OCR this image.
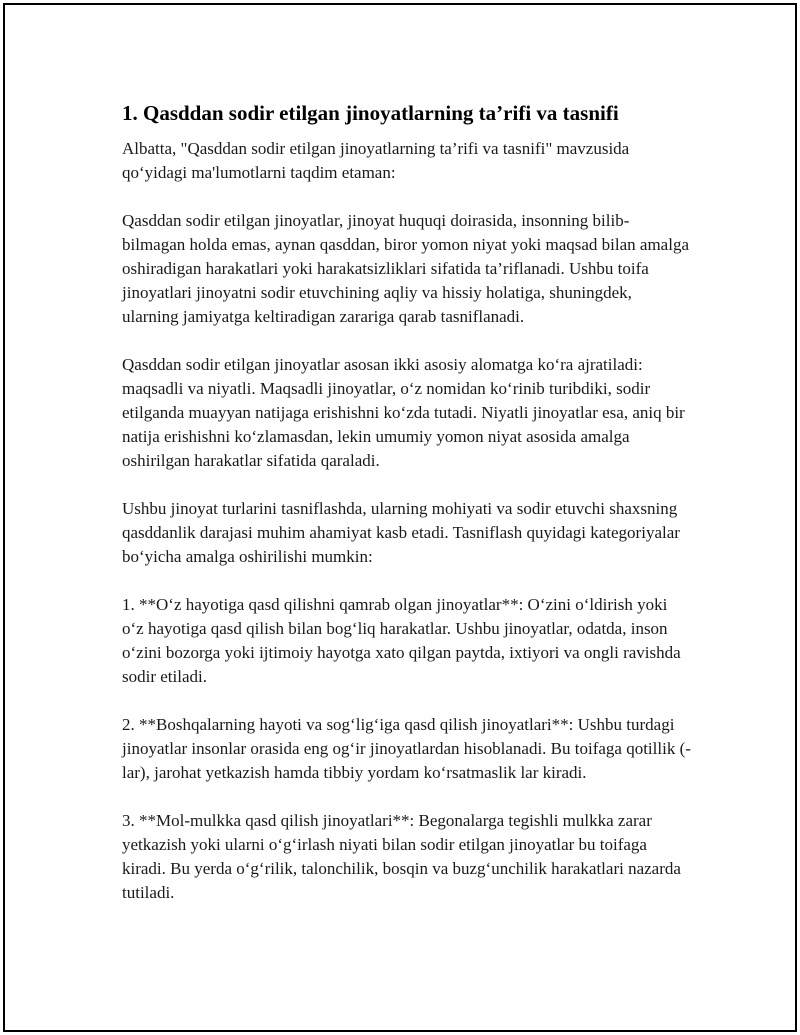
1. Qasddan sodir etilgan jinoyatlarning ta’rifi va tasnifi

Albatta, "Qasddan sodir etilgan jinoyatlarning ta’rifi va tasnifi" mavzusida qo‘yidagi ma'lumotlarni taqdim etaman:

Qasddan sodir etilgan jinoyatlar, jinoyat huquqi doirasida, insonning bilib-bilmagan holda emas, aynan qasddan, biror yomon niyat yoki maqsad bilan amalga oshiradigan harakatlari yoki harakatsizliklari sifatida ta’riflanadi. Ushbu toifa jinoyatlari jinoyatni sodir etuvchining aqliy va hissiy holatiga, shuningdek, ularning jamiyatga keltiradigan zarariga qarab tasniflanadi.

Qasddan sodir etilgan jinoyatlar asosan ikki asosiy alomatga ko‘ra ajratiladi: maqsadli va niyatli. Maqsadli jinoyatlar, o‘z nomidan ko‘rinib turibdiki, sodir etilganda muayyan natijaga erishishni ko‘zda tutadi. Niyatli jinoyatlar esa, aniq bir natija erishishni ko‘zlamasdan, lekin umumiy yomon niyat asosida amalga oshirilgan harakatlar sifatida qaraladi.

Ushbu jinoyat turlarini tasniflashda, ularning mohiyati va sodir etuvchi shaxsning qasddanlik darajasi muhim ahamiyat kasb etadi. Tasniflash quyidagi kategoriyalar bo‘yicha amalga oshirilishi mumkin:

1. **O‘z hayotiga qasd qilishni qamrab olgan jinoyatlar**: O‘zini o‘ldirish yoki o‘z hayotiga qasd qilish bilan bog‘liq harakatlar. Ushbu jinoyatlar, odatda, inson o‘zini bozorga yoki ijtimoiy hayotga xato qilgan paytda, ixtiyori va ongli ravishda sodir etiladi.

2. **Boshqalarning hayoti va sog‘lig‘iga qasd qilish jinoyatlari**: Ushbu turdagi jinoyatlar insonlar orasida eng og‘ir jinoyatlardan hisoblanadi. Bu toifaga qotillik (-lar), jarohat yetkazish hamda tibbiy yordam ko‘rsatmaslik lar kiradi.

3. **Mol-mulkka qasd qilish jinoyatlari**: Begonalarga tegishli mulkka zarar yetkazish yoki ularni o‘g‘irlash niyati bilan sodir etilgan jinoyatlar bu toifaga kiradi. Bu yerda o‘g‘rilik, talonchilik, bosqin va buzg‘unchilik harakatlari nazarda tutiladi.
